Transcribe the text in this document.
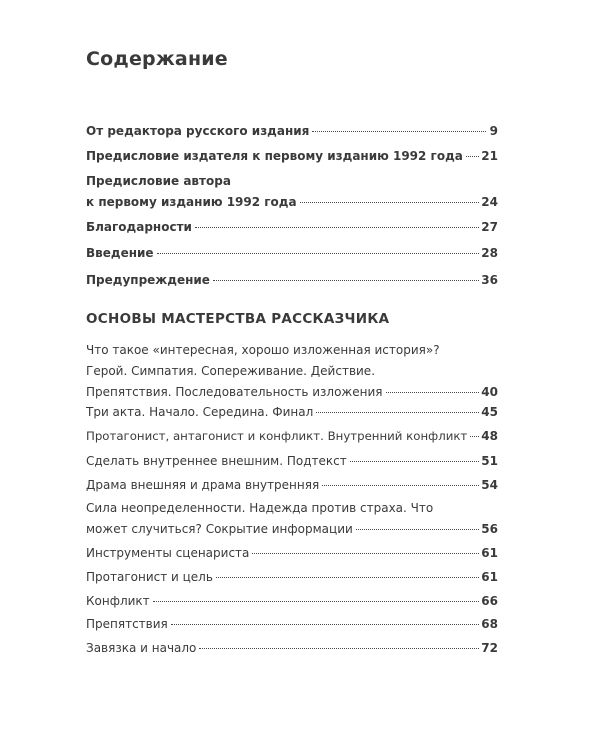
Содержание
От редактора русского издания	9
Предисловие издателя к первому изданию 1992 года 21
Предисловие автора
к первому изданию 1992 года	24
Благодарности	27
Введение	28
Предупреждение	36
ОСНОВЫ МАСТЕРСТВА РАССКАЗЧИКА
Что такое «интересная, хорошо изложенная история»?
Герой. Симпатия. Сопереживание. Действие.
Препятствия. Последовательность изложения	40
Три акта. Начало. Середина. Финал	45
Протагонист, антагонист и конфликт. Внутренний конфликт 48
Сделать внутреннее внешним. Подтекст	51
Драма внешняя и драма внутренняя	54
Сила неопределенности. Надежда против страха. Что
может случиться? Сокрытие информации	56
Инструменты сценариста	61
Протагонист и цель	61
Конфликт	66
Препятствия	68
Завязка и начало	72
